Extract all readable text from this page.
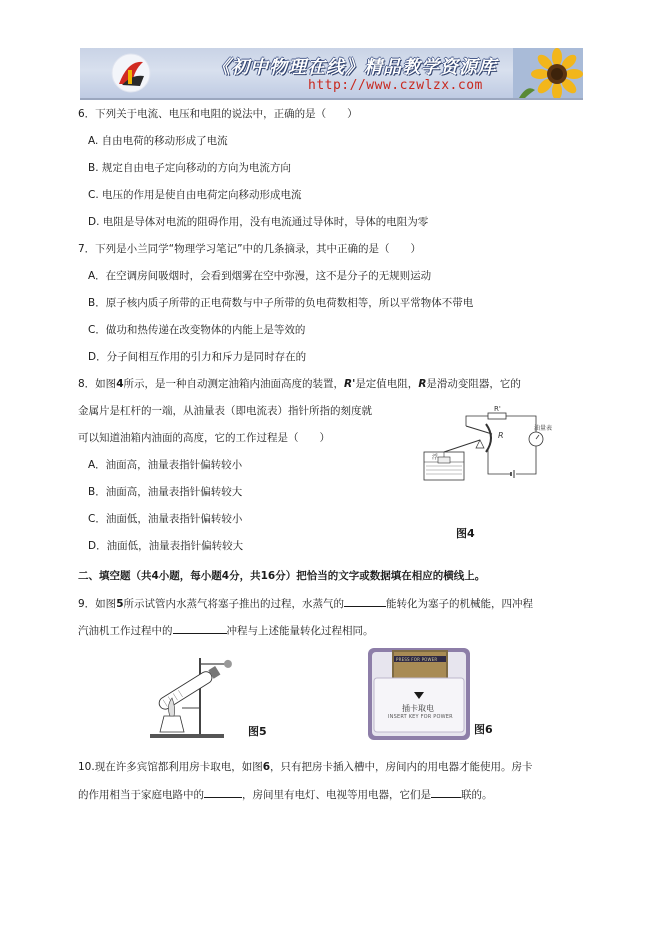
《初中物理在线》精品教学资源库
http://www.czwlzx.com
6．下列关于电流、电压和电阻的说法中，正确的是（　　）
A. 自由电荷的移动形成了电流
B. 规定自由电子定向移动的方向为电流方向
C. 电压的作用是使自由电荷定向移动形成电流
D. 电阻是导体对电流的阻碍作用，没有电流通过导体时，导体的电阻为零
7．下列是小兰同学“物理学习笔记”中的几条摘录，其中正确的是（　　）
A．在空调房间吸烟时，会看到烟雾在空中弥漫，这不是分子的无规则运动
B．原子核内质子所带的正电荷数与中子所带的负电荷数相等，所以平常物体不带电
C．做功和热传递在改变物体的内能上是等效的
D．分子间相互作用的引力和斥力是同时存在的
8．如图4所示，是一种自动测定油箱内油面高度的装置，R'是定值电阻，R是滑动变阻器，它的
金属片是杠杆的一端，从油量表（即电流表）指针所指的刻度就
可以知道油箱内油面的高度，它的工作过程是（　　）
A．油面高，油量表指针偏转较小
B．油面高，油量表指针偏转较大
C．油面低，油量表指针偏转较小
D．油面低，油量表指针偏转较大
R'
油量表
R
浮
图4
二、填空题（共4小题，每小题4分，共16分）把恰当的文字或数据填在相应的横线上。
9．如图5所示试管内水蒸气将塞子推出的过程，水蒸气的	能转化为塞子的机械能，四冲程
汽油机工作过程中的	冲程与上述能量转化过程相同。
图5
PRESS FOR POWER
插卡取电
INSERT KEY FOR POWER
图6
10.现在许多宾馆都利用房卡取电，如图6，只有把房卡插入槽中，房间内的用电器才能使用。房卡
的作用相当于家庭电路中的	，房间里有电灯、电视等用电器，它们是	联的。
